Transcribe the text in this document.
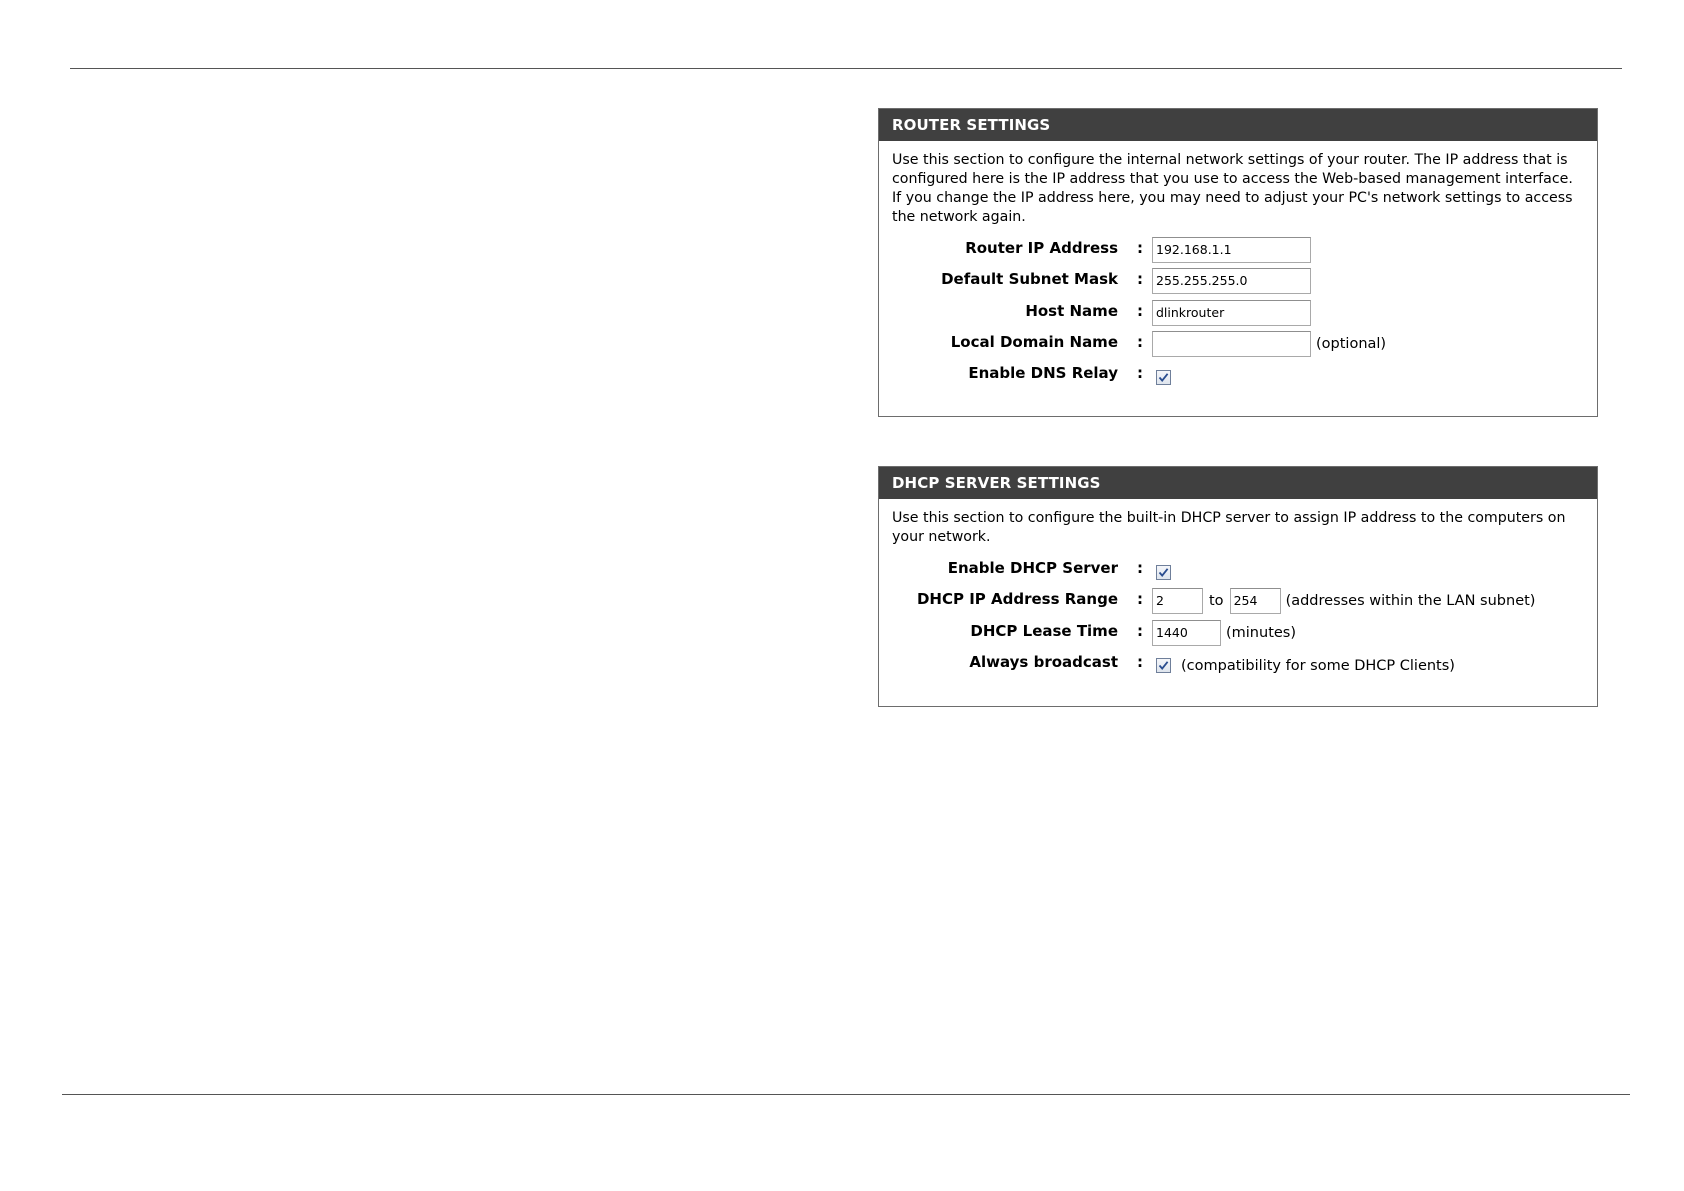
ROUTER SETTINGS

Use this section to configure the internal network settings of your router. The IP address that is configured here is the IP address that you use to access the Web-based management interface. If you change the IP address here, you may need to adjust your PC's network settings to access the network again.

Router IP Address :	192.168.1.1
Default Subnet Mask :	255.255.255.0
Host Name :	dlinkrouter
Local Domain Name :	(optional)
Enable DNS Relay :
DHCP SERVER SETTINGS

Use this section to configure the built-in DHCP server to assign IP address to the computers on your network.

Enable DHCP Server :
DHCP IP Address Range :	2	to 254	(addresses within the LAN subnet)
DHCP Lease Time :	1440	(minutes)
Always broadcast :	(compatibility for some DHCP Clients)
